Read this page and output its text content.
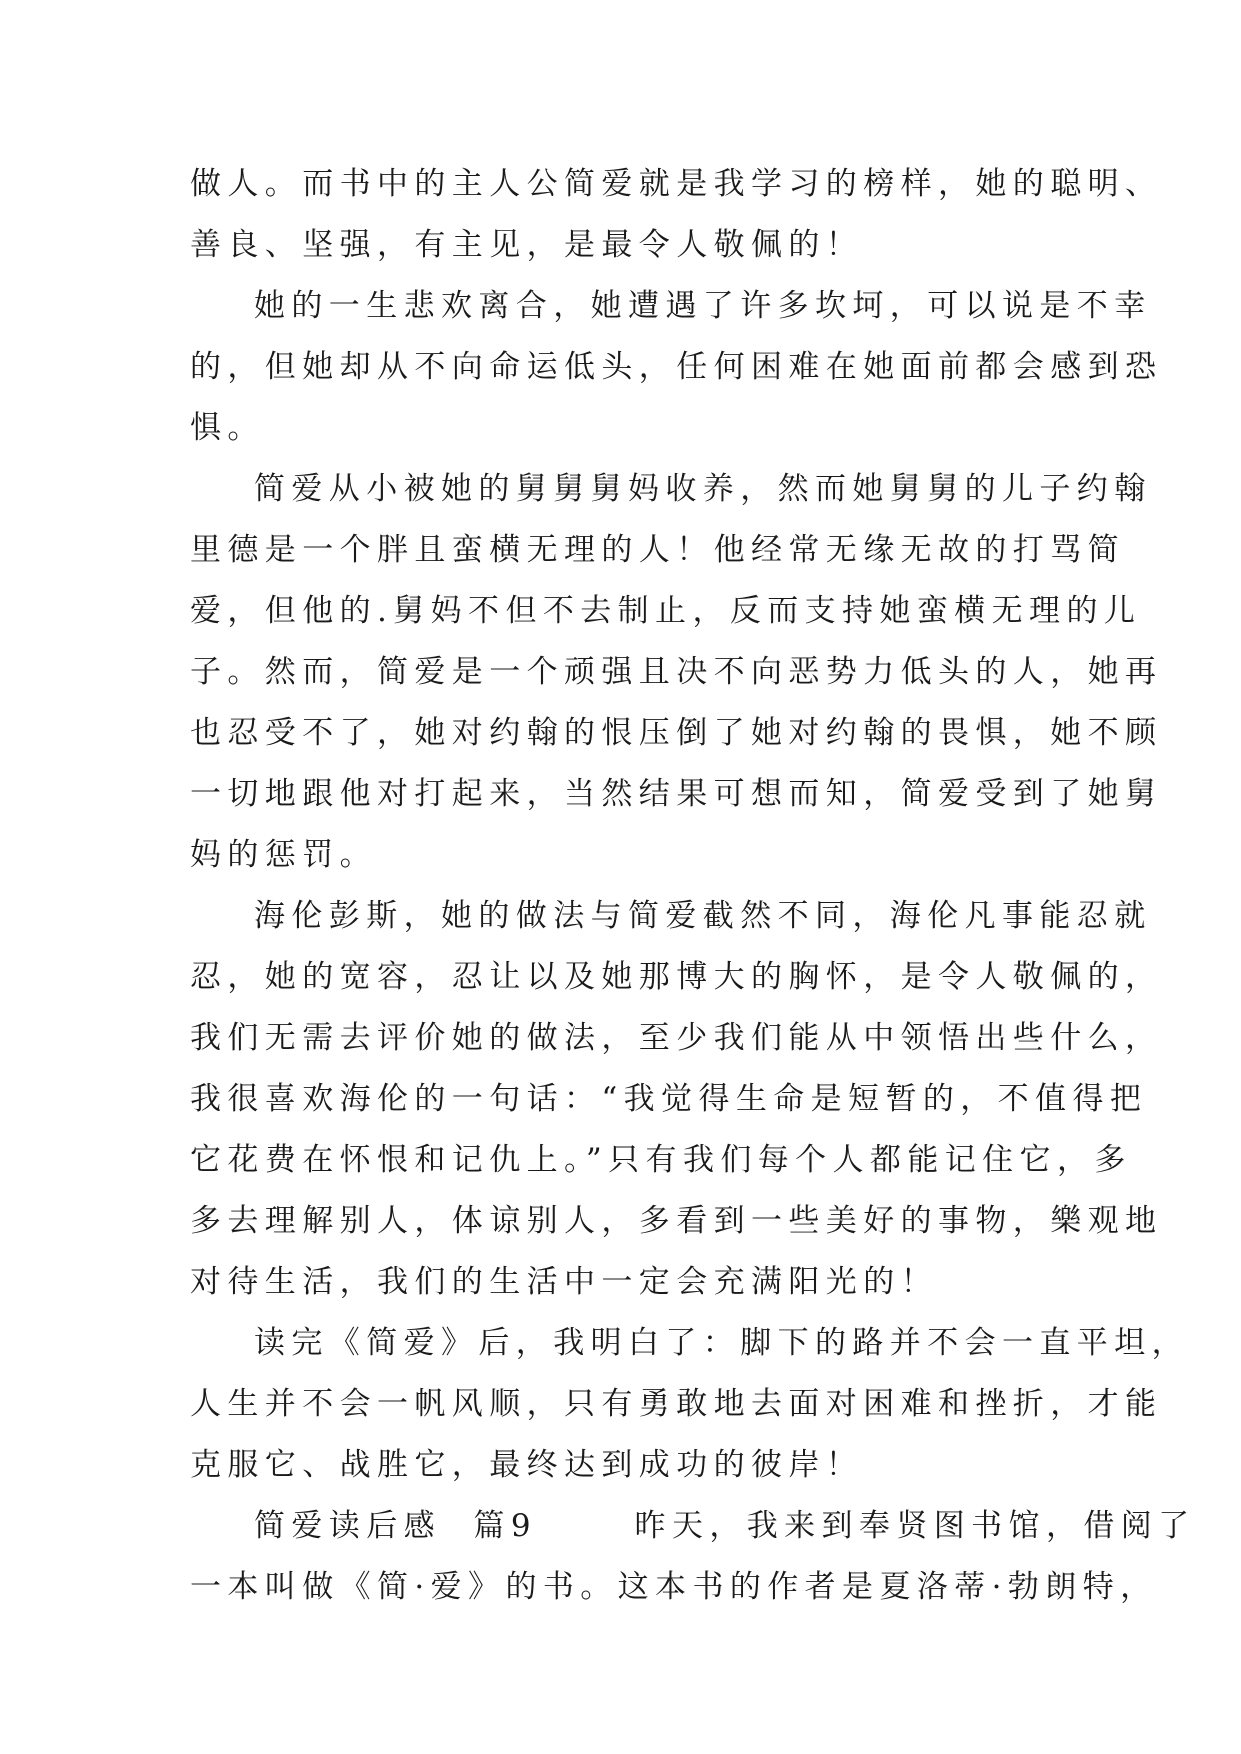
做人。而书中的主人公简爱就是我学习的榜样，她的聪明、
善良、坚强，有主见，是最令人敬佩的！
她的一生悲欢离合，她遭遇了许多坎坷，可以说是不幸
的，但她却从不向命运低头，任何困难在她面前都会感到恐
惧。
简爱从小被她的舅舅舅妈收养，然而她舅舅的儿子约翰
里德是一个胖且蛮横无理的人！他经常无缘无故的打骂简
爱，但他的.舅妈不但不去制止，反而支持她蛮横无理的儿
子。然而，简爱是一个顽强且决不向恶势力低头的人，她再
也忍受不了，她对约翰的恨压倒了她对约翰的畏惧，她不顾
一切地跟他对打起来，当然结果可想而知，简爱受到了她舅
妈的惩罚。
海伦彭斯，她的做法与简爱截然不同，海伦凡事能忍就
忍，她的宽容，忍让以及她那博大的胸怀，是令人敬佩的，
我们无需去评价她的做法，至少我们能从中领悟出些什么，
我很喜欢海伦的一句话：“我觉得生命是短暂的，不值得把
它花费在怀恨和记仇上。”只有我们每个人都能记住它，多
多去理解别人，体谅别人，多看到一些美好的事物，樂观地
对待生活，我们的生活中一定会充满阳光的！
读完《简爱》后，我明白了：脚下的路并不会一直平坦，
人生并不会一帆风顺，只有勇敢地去面对困难和挫折，才能
克服它、战胜它，最终达到成功的彼岸！
简爱读后感  篇9      昨天，我来到奉贤图书馆，借阅了
一本叫做《简·爱》的书。这本书的作者是夏洛蒂·勃朗特，
